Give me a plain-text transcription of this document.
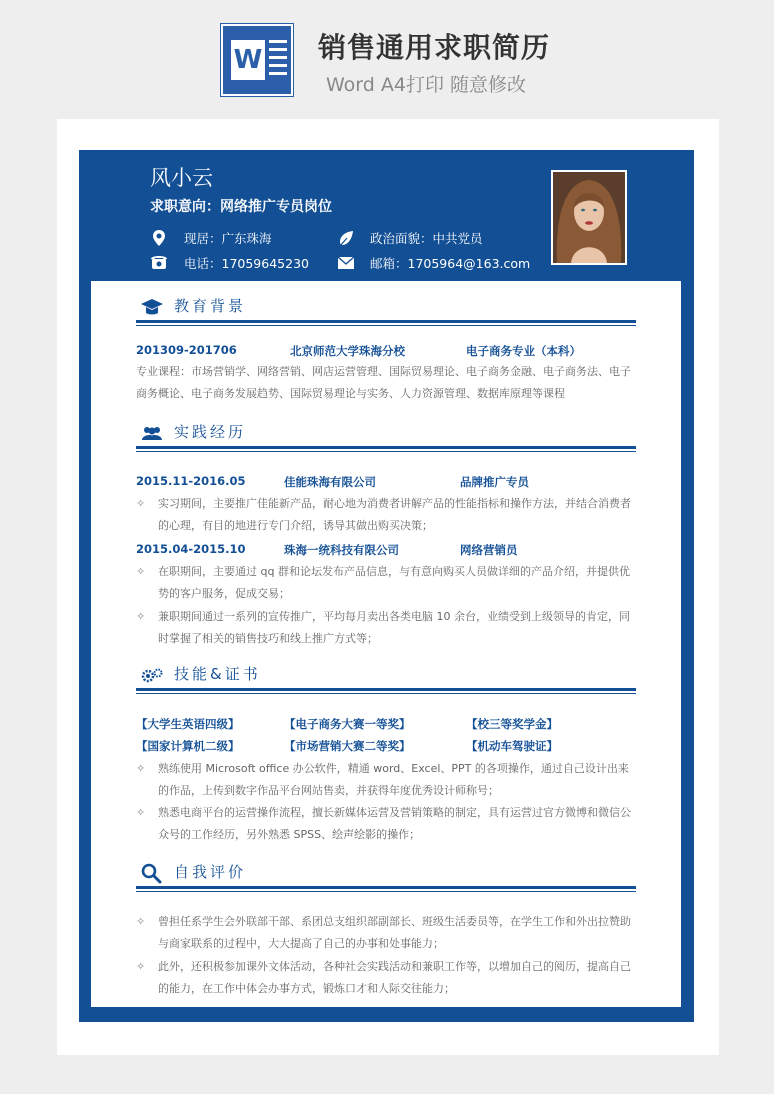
W 销售通用求职简历
Word A4打印 随意修改
风小云
求职意向：网络推广专员岗位
现居：广东珠海	政治面貌：中共党员
电话：17059645230	邮箱：1705964@163.com
教育背景
201309-201706	北京师范大学珠海分校	电子商务专业（本科）
专业课程：市场营销学、网络营销、网店运营管理、国际贸易理论、电子商务金融、电子商务法、电子商务概论、电子商务发展趋势、国际贸易理论与实务、人力资源管理、数据库原理等课程
实践经历
2015.11-2016.05	佳能珠海有限公司	品牌推广专员
✧ 实习期间，主要推广佳能新产品，耐心地为消费者讲解产品的性能指标和操作方法，并结合消费者的心理，有目的地进行专门介绍，诱导其做出购买决策；
2015.04-2015.10	珠海一统科技有限公司	网络营销员
✧ 在职期间，主要通过 qq 群和论坛发布产品信息，与有意向购买人员做详细的产品介绍，并提供优势的客户服务，促成交易；
✧ 兼职期间通过一系列的宣传推广，平均每月卖出各类电脑 10 余台，业绩受到上级领导的肯定，同时掌握了相关的销售技巧和线上推广方式等；
技能&证书
【大学生英语四级】	【电子商务大赛一等奖】	【校三等奖学金】
【国家计算机二级】	【市场营销大赛二等奖】	【机动车驾驶证】
✧ 熟练使用 Microsoft office 办公软件，精通 word、Excel、PPT 的各项操作，通过自己设计出来的作品，上传到数字作品平台网站售卖，并获得年度优秀设计师称号；
✧ 熟悉电商平台的运营操作流程，擅长新媒体运营及营销策略的制定，具有运营过官方微博和微信公众号的工作经历，另外熟悉 SPSS、绘声绘影的操作；
自我评价
✧ 曾担任系学生会外联部干部、系团总支组织部副部长、班级生活委员等，在学生工作和外出拉赞助与商家联系的过程中，大大提高了自己的办事和处事能力；
✧ 此外，还积极参加课外文体活动，各种社会实践活动和兼职工作等，以增加自己的阅历，提高自己的能力，在工作中体会办事方式，锻炼口才和人际交往能力；
